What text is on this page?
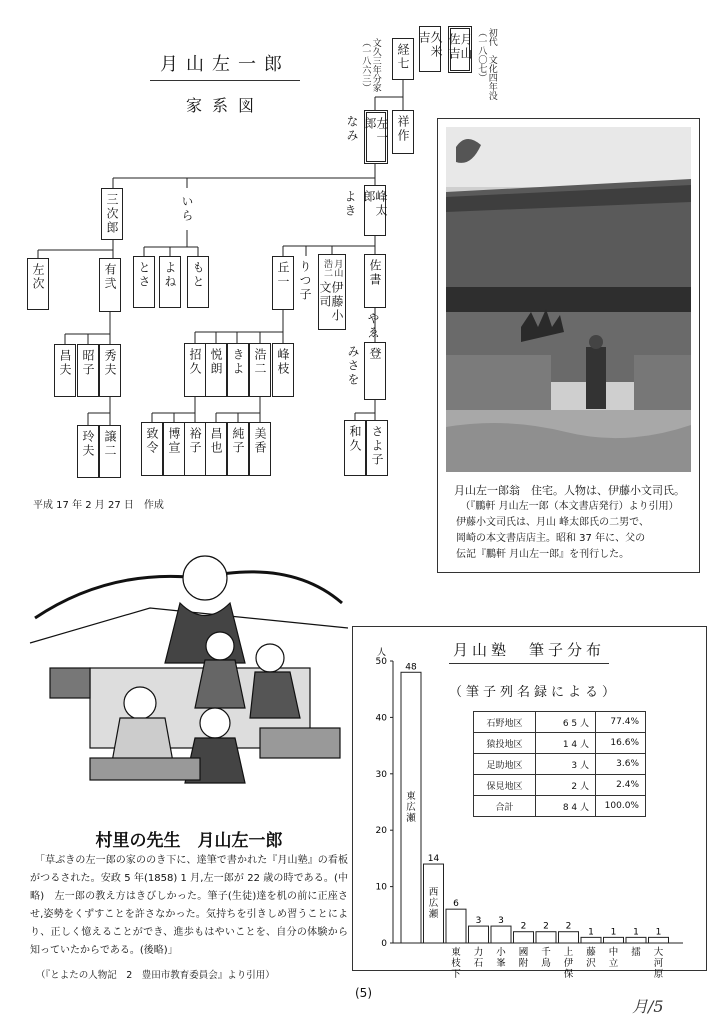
月山左一郎
家系図
月山佐吉	初代　文化四年没（一八〇七）
久米吉
経七
文久三年分家（一八六三）
祥作
左一郎
なみ
峰太郎
よき
三次郎	いら
左次	有弐	とさ	よね	もと	丘一 りつ子	月山浩二
伊藤小文司
佐書
やゑ
昌夫 昭子 秀夫	招久 悦朗 きよ 浩二 峰枝	みさを 登
玲夫 譲二	致令 博宣 裕子 昌也 純子 美香	和久 さよ子
平成 17 年 2 月 27 日　作成
月山左一郎翁　住宅。人物は、伊藤小文司氏。
（『鵬軒 月山左一郎（本文書店発行）より引用）
伊藤小文司氏は、月山 峰太郎氏の二男で、
岡崎の本文書店店主。昭和 37 年に、父の
伝記『鵬軒 月山左一郎』を刊行した。
村里の先生　月山左一郎

「草ぶきの左一郎の家ののき下に、達筆で書かれた『月山塾』の看板がつるされた。安政 5 年(1858) 1 月,左一郎が 22 歳の時である。(中略)　左一郎の教え方はきびしかった。筆子(生徒)達を机の前に正座させ,姿勢をくずすことを許さなかった。気持ちを引きしめ習うことにより、正しく憶えることができ、進歩もはやいことを、自分の体験から知っていたからである。(後略)」

（『とよたの人物記　2　豊田市教育委員会』より引用）
月山塾　筆子分布
（筆子列名録による）
人
0
10
20
30
40
50
48
東
広
瀬
14
西
広
瀬
6
東
枝
下
3
力
石
3
小
峯
2
國
附
2
千
鳥
2
上
伊
保
1
藤
沢
1
中
立
1
擂
1
大
河
原
石野地区	6 5 人	77.4%
猿投地区	1 4 人	16.6%
足助地区	3 人	3.6%
保見地区	2 人	2.4%
合計	8 4 人	100.0%
(5)
月/5
